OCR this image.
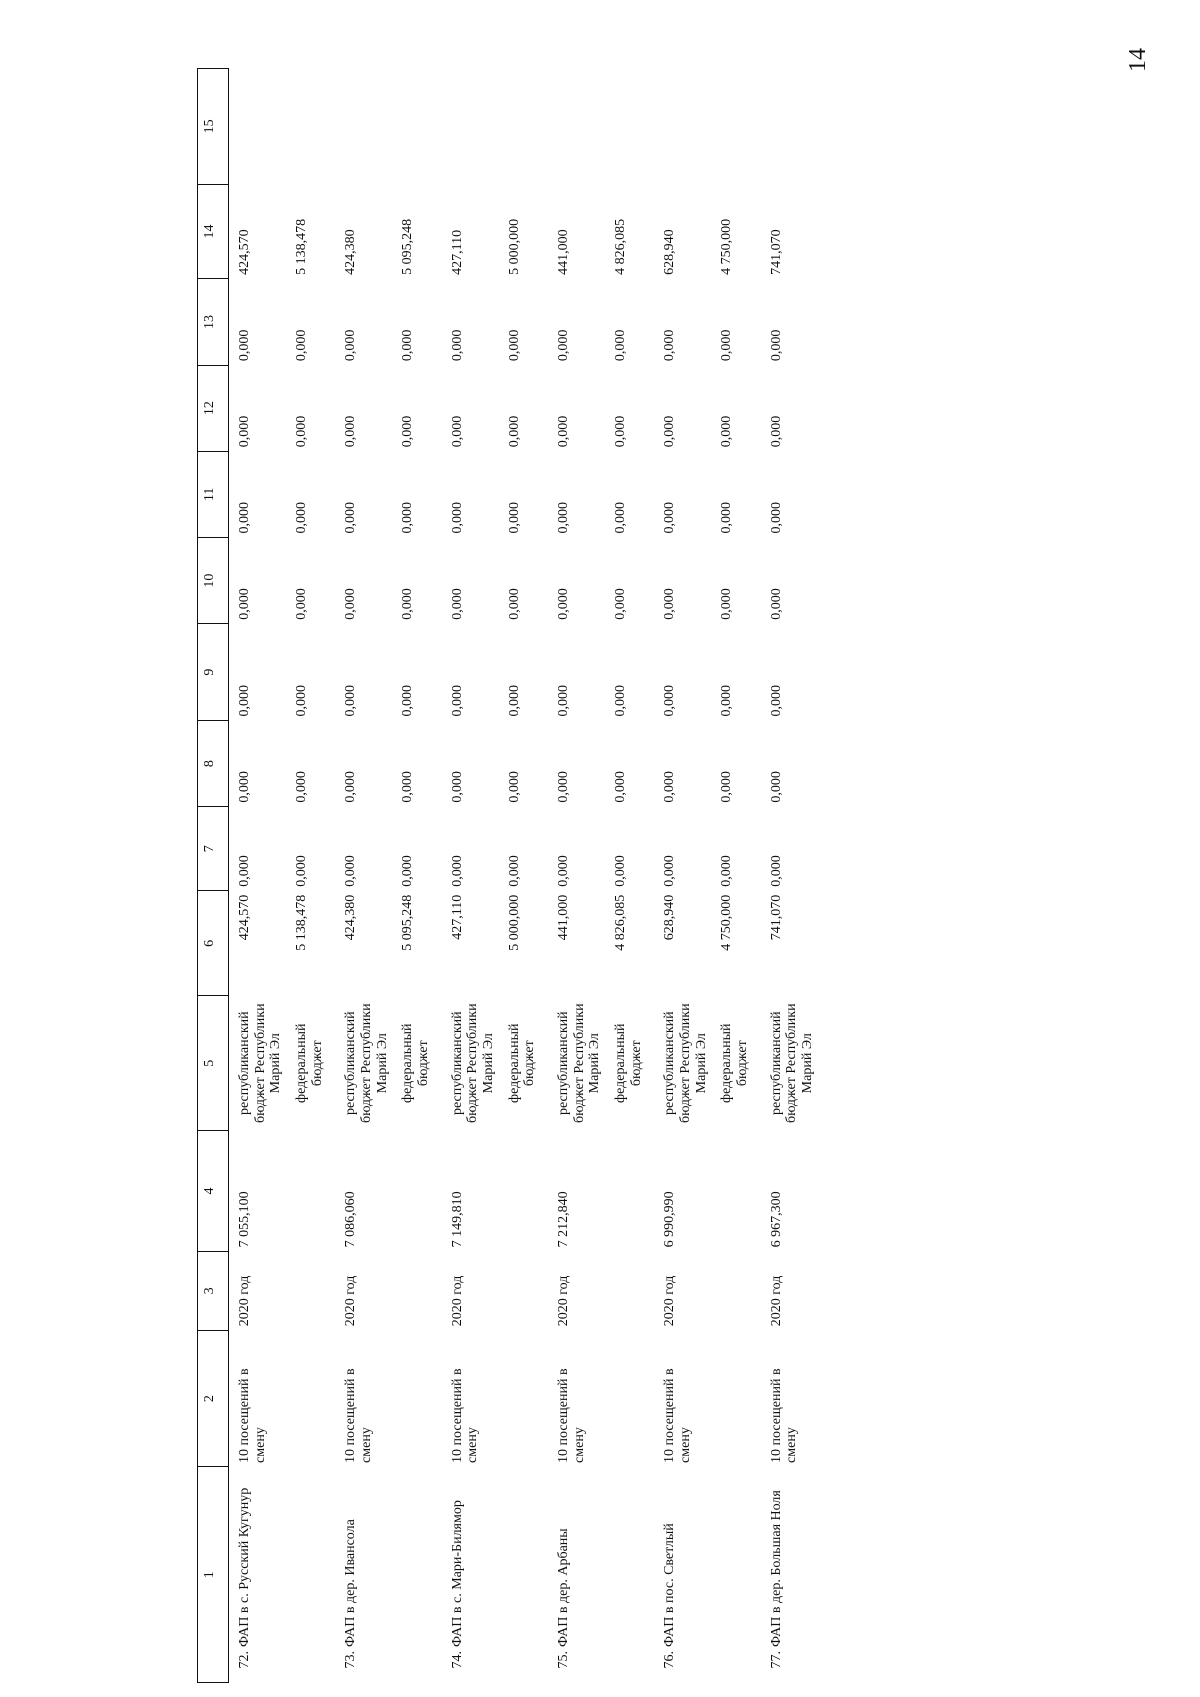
14
1	2	3	4	5	6	7	8	9	10	11	12	13	14	15
72.ФАП в с. Русский Кугунур	10 посещений в смену	2020 год	7 055,100	республиканский бюджет Республики Марий Эл	424,570	0,000	0,000	0,000	0,000	0,000	0,000	0,000	424,570	
				федеральный бюджет	5 138,478	0,000	0,000	0,000	0,000	0,000	0,000	0,000	5 138,478	
73.ФАП в дер. Ивансола	10 посещений в смену	2020 год	7 086,060	республиканский бюджет Республики Марий Эл	424,380	0,000	0,000	0,000	0,000	0,000	0,000	0,000	424,380	
				федеральный бюджет	5 095,248	0,000	0,000	0,000	0,000	0,000	0,000	0,000	5 095,248	
74.ФАП в с. Мари-Билямор	10 посещений в смену	2020 год	7 149,810	республиканский бюджет Республики Марий Эл	427,110	0,000	0,000	0,000	0,000	0,000	0,000	0,000	427,110	
				федеральный бюджет	5 000,000	0,000	0,000	0,000	0,000	0,000	0,000	0,000	5 000,000	
75.ФАП в дер. Арбаны	10 посещений в смену	2020 год	7 212,840	республиканский бюджет Республики Марий Эл	441,000	0,000	0,000	0,000	0,000	0,000	0,000	0,000	441,000	
				федеральный бюджет	4 826,085	0,000	0,000	0,000	0,000	0,000	0,000	0,000	4 826,085	
76.ФАП в пос. Светлый	10 посещений в смену	2020 год	6 990,990	республиканский бюджет Республики Марий Эл	628,940	0,000	0,000	0,000	0,000	0,000	0,000	0,000	628,940	
				федеральный бюджет	4 750,000	0,000	0,000	0,000	0,000	0,000	0,000	0,000	4 750,000	
77.ФАП в дер. Большая Ноля	10 посещений в смену	2020 год	6 967,300	республиканский бюджет Республики Марий Эл	741,070	0,000	0,000	0,000	0,000	0,000	0,000	0,000	741,070	
